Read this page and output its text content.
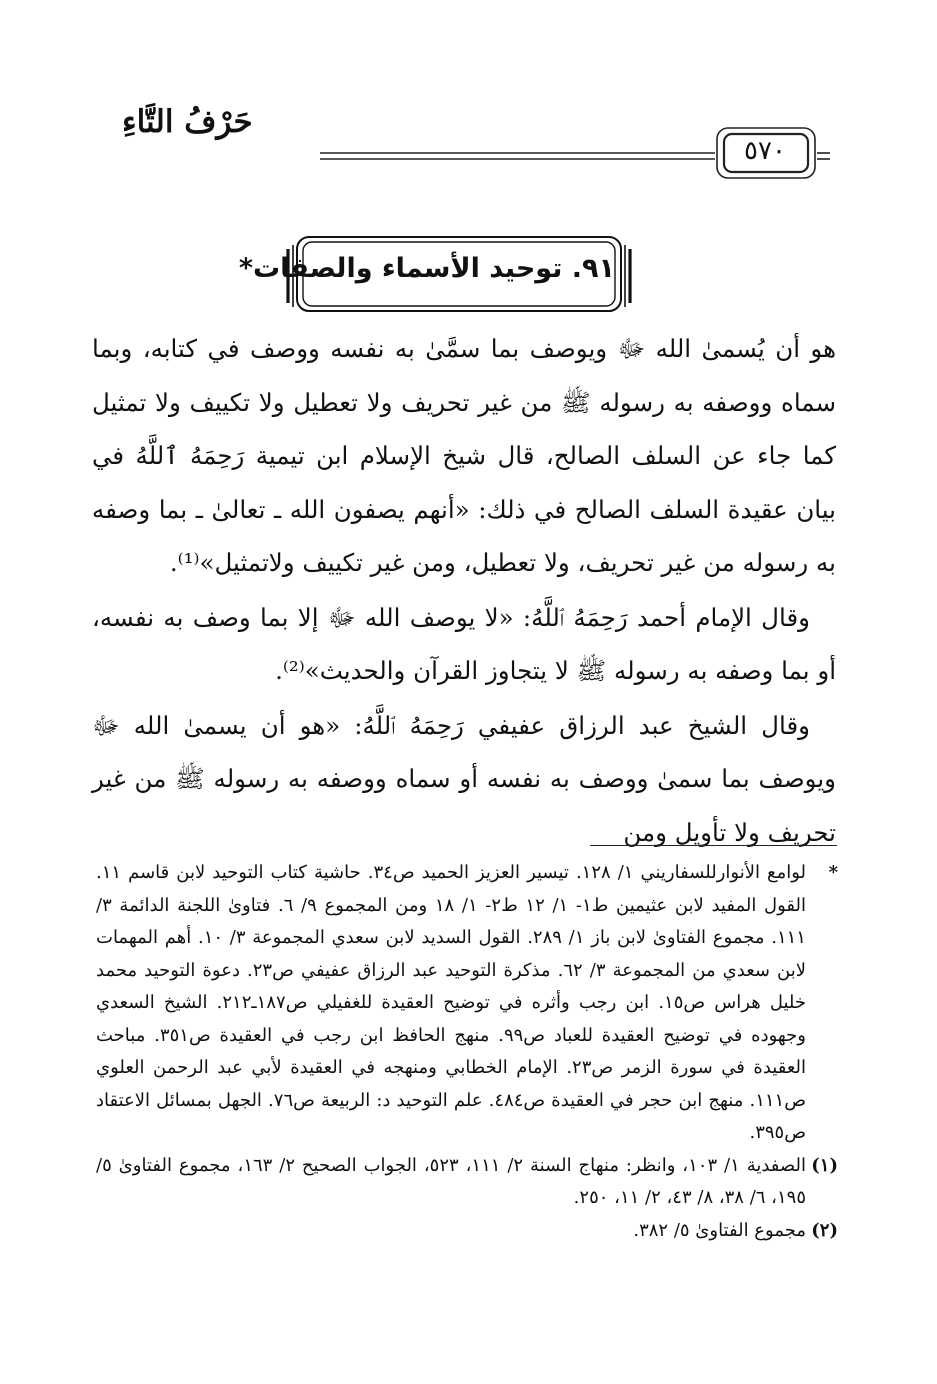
حَرْفُ التَّاءِ
٥٧٠
٩١. توحيد الأسماء والصفات*

هو أن يُسمىٰ الله ﷻ ويوصف بما سمَّىٰ به نفسه ووصف في كتابه، وبما سماه ووصفه به رسوله ﷺ من غير تحريف ولا تعطيل ولا تكييف ولا تمثيل كما جاء عن السلف الصالح، قال شيخ الإسلام ابن تيمية رَحِمَهُ ٱللَّهُ في بيان عقيدة السلف الصالح في ذلك: «أنهم يصفون الله ـ تعالىٰ ـ بما وصفه به رسوله من غير تحريف، ولا تعطيل، ومن غير تكييف ولاتمثيل»⁽¹⁾.

وقال الإمام أحمد رَحِمَهُ ٱللَّهُ: «لا يوصف الله ﷻ إلا بما وصف به نفسه، أو بما وصفه به رسوله ﷺ لا يتجاوز القرآن والحديث»⁽²⁾.

وقال الشيخ عبد الرزاق عفيفي رَحِمَهُ ٱللَّهُ: «هو أن يسمىٰ الله ﷻ ويوصف بما سمىٰ ووصف به نفسه أو سماه ووصفه به رسوله ﷺ من غير تحريف ولا تأويل ومن

*
لوامع الأنوارللسفاريني ١/ ١٢٨. تيسير العزيز الحميد ص٣٤. حاشية كتاب التوحيد لابن قاسم ١١. القول المفيد لابن عثيمين ط١- ١/ ١٢ ط٢- ١/ ١٨ ومن المجموع ٩/ ٦. فتاوىٰ اللجنة الدائمة ٣/ ١١١. مجموع الفتاوىٰ لابن باز ١/ ٢٨٩. القول السديد لابن سعدي المجموعة ٣/ ١٠. أهم المهمات لابن سعدي من المجموعة ٣/ ٦٢. مذكرة التوحيد عبد الرزاق عفيفي ص٢٣. دعوة التوحيد محمد خليل هراس ص١٥. ابن رجب وأثره في توضيح العقيدة للغفيلي ص١٨٧ـ٢١٢. الشيخ السعدي وجهوده في توضيح العقيدة للعباد ص٩٩. منهج الحافظ ابن رجب في العقيدة ص٣٥١. مباحث العقيدة في سورة الزمر ص٢٣. الإمام الخطابي ومنهجه في العقيدة لأبي عبد الرحمن العلوي ص١١١. منهج ابن حجر في العقيدة ص٤٨٤. علم التوحيد د: الربيعة ص٧٦. الجهل بمسائل الاعتقاد ص٣٩٥.

(١)
الصفدية ١/ ١٠٣، وانظر: منهاج السنة ٢/ ١١١، ٥٢٣، الجواب الصحيح ٢/ ١٦٣، مجموع الفتاوىٰ ٥/ ١٩٥، ٦/ ٣٨، ٨/ ٤٣، ٢/ ١١، ٢٥٠.

(٢)
مجموع الفتاوىٰ ٥/ ٣٨٢.
